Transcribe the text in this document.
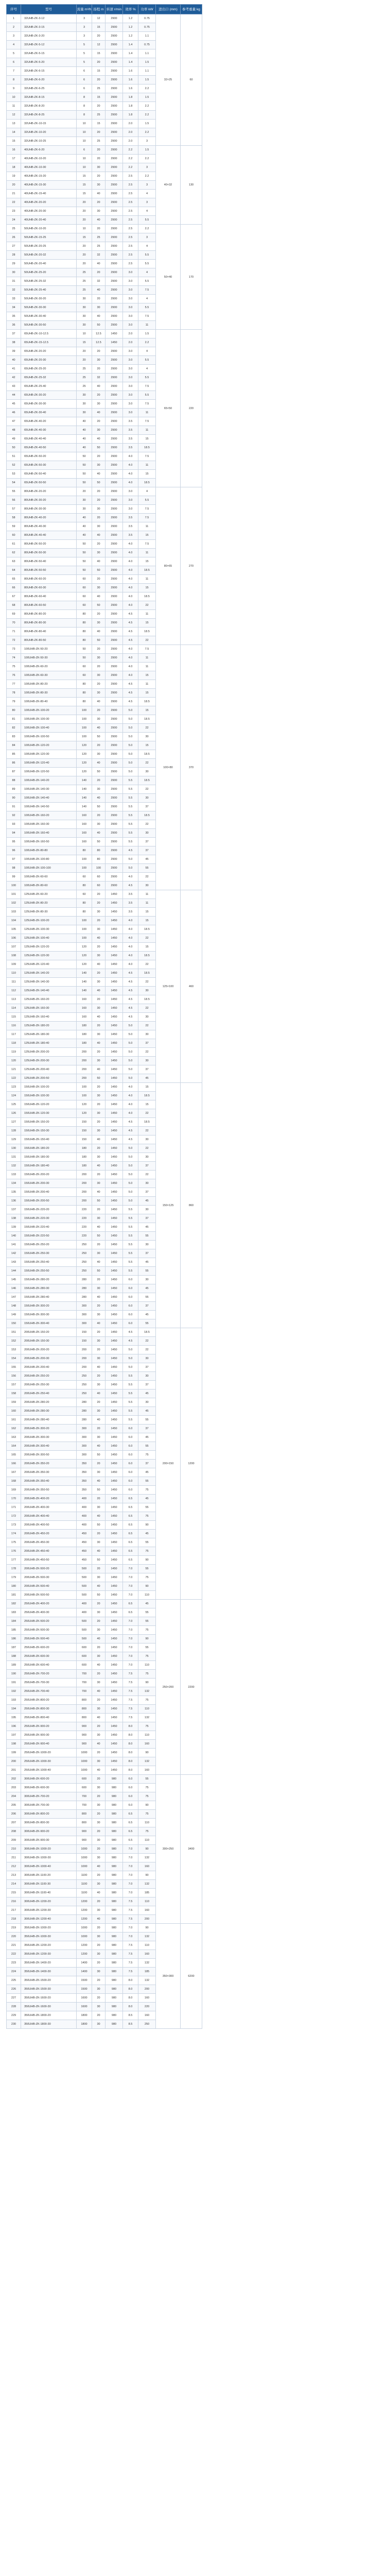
序号	型号	流量 m³/h	扬程 m	转速 r/min	效率 %	功率 kW	进出口 (mm)	参考重量 kg
1	32UHB-ZK-3-12	3	12	2900	1.2	0.75	32×25	60
2	32UHB-ZK-3-15	3	15	2900	1.2	0.75		
3	32UHB-ZK-3-20	3	20	2900	1.2	1.1		
4	32UHB-ZK-5-12	5	12	2900	1.4	0.75		
5	32UHB-ZK-5-15	5	15	2900	1.4	1.1		
6	32UHB-ZK-5-20	5	20	2900	1.4	1.5		
7	32UHB-ZK-6-15	6	15	2900	1.6	1.1		
8	32UHB-ZK-6-20	6	20	2900	1.6	1.5		
9	32UHB-ZK-6-25	6	25	2900	1.6	2.2		
10	32UHB-ZK-8-15	8	15	2900	1.8	1.5		
11	32UHB-ZK-8-20	8	20	2900	1.8	2.2		
12	32UHB-ZK-8-25	8	25	2900	1.8	2.2		
13	32UHB-ZK-10-15	10	15	2900	2.0	1.5		
14	32UHB-ZK-10-20	10	20	2900	2.0	2.2		
15	32UHB-ZK-10-25	10	25	2900	2.0	3		
16	40UHB-ZK-6-20	6	20	2900	2.2	1.5	40×32	130
17	40UHB-ZK-10-20	10	20	2900	2.2	2.2		
18	40UHB-ZK-10-30	10	30	2900	2.2	3		
19	40UHB-ZK-15-20	15	20	2900	2.5	2.2		
20	40UHB-ZK-15-30	15	30	2900	2.5	3		
21	40UHB-ZK-15-40	15	40	2900	2.5	4		
22	40UHB-ZK-20-20	20	20	2900	2.5	3		
23	40UHB-ZK-20-30	20	30	2900	2.5	4		
24	40UHB-ZK-20-40	20	40	2900	2.5	5.5		
25	50UHB-ZK-10-20	10	20	2900	2.5	2.2	50×40	170
26	50UHB-ZK-15-25	15	25	2900	2.5	3		
27	50UHB-ZK-20-25	20	25	2900	2.5	4		
28	50UHB-ZK-20-32	20	32	2900	2.5	5.5		
29	50UHB-ZK-20-40	20	40	2900	2.5	5.5		
30	50UHB-ZK-25-20	25	20	2900	3.0	4		
31	50UHB-ZK-25-32	25	32	2900	3.0	5.5		
32	50UHB-ZK-25-40	25	40	2900	3.0	7.5		
33	50UHB-ZK-30-20	30	20	2900	3.0	4		
34	50UHB-ZK-30-30	30	30	2900	3.0	5.5		
35	50UHB-ZK-30-40	30	40	2900	3.0	7.5		
36	50UHB-ZK-30-50	30	50	2900	3.0	11		
37	65UHB-ZK-10-12.5	10	12.5	1450	2.0	1.5	65×50	220
38	65UHB-ZK-15-12.5	15	12.5	1450	2.0	2.2		
39	65UHB-ZK-20-20	20	20	2900	3.0	4		
40	65UHB-ZK-20-30	20	30	2900	3.0	5.5		
41	65UHB-ZK-25-20	25	20	2900	3.0	4		
42	65UHB-ZK-25-32	25	32	2900	3.0	5.5		
43	65UHB-ZK-25-40	25	40	2900	3.0	7.5		
44	65UHB-ZK-30-20	30	20	2900	3.0	5.5		
45	65UHB-ZK-30-30	30	30	2900	3.0	7.5		
46	65UHB-ZK-30-40	30	40	2900	3.0	11		
47	65UHB-ZK-40-20	40	20	2900	3.5	7.5		
48	65UHB-ZK-40-30	40	30	2900	3.5	11		
49	65UHB-ZK-40-40	40	40	2900	3.5	15		
50	65UHB-ZK-40-50	40	50	2900	3.5	18.5		
51	65UHB-ZK-50-20	50	20	2900	4.0	7.5		
52	65UHB-ZK-50-30	50	30	2900	4.0	11		
53	65UHB-ZK-50-40	50	40	2900	4.0	15		
54	65UHB-ZK-50-50	50	50	2900	4.0	18.5		
55	80UHB-ZK-20-20	20	20	2900	3.0	4	80×65	270
56	80UHB-ZK-30-20	30	20	2900	3.0	5.5		
57	80UHB-ZK-30-30	30	30	2900	3.0	7.5		
58	80UHB-ZK-40-20	40	20	2900	3.5	7.5		
59	80UHB-ZK-40-30	40	30	2900	3.5	11		
60	80UHB-ZK-40-40	40	40	2900	3.5	15		
61	80UHB-ZK-50-20	50	20	2900	4.0	7.5		
62	80UHB-ZK-50-30	50	30	2900	4.0	11		
63	80UHB-ZK-50-40	50	40	2900	4.0	15		
64	80UHB-ZK-50-50	50	50	2900	4.0	18.5		
65	80UHB-ZK-60-20	60	20	2900	4.0	11		
66	80UHB-ZK-60-30	60	30	2900	4.0	15		
67	80UHB-ZK-60-40	60	40	2900	4.0	18.5		
68	80UHB-ZK-60-50	60	50	2900	4.0	22		
69	80UHB-ZK-80-20	80	20	2900	4.5	11		
70	80UHB-ZK-80-30	80	30	2900	4.5	15		
71	80UHB-ZK-80-40	80	40	2900	4.5	18.5		
72	80UHB-ZK-80-50	80	50	2900	4.5	22		
73	100UHB-ZK-50-20	50	20	2900	4.0	7.5	100×80	370
74	100UHB-ZK-50-30	50	30	2900	4.0	11		
75	100UHB-ZK-60-20	60	20	2900	4.0	11		
76	100UHB-ZK-60-30	60	30	2900	4.0	15		
77	100UHB-ZK-80-20	80	20	2900	4.5	11		
78	100UHB-ZK-80-30	80	30	2900	4.5	15		
79	100UHB-ZK-80-40	80	40	2900	4.5	18.5		
80	100UHB-ZK-100-20	100	20	2900	5.0	15		
81	100UHB-ZK-100-30	100	30	2900	5.0	18.5		
82	100UHB-ZK-100-40	100	40	2900	5.0	22		
83	100UHB-ZK-100-50	100	50	2900	5.0	30		
84	100UHB-ZK-120-20	120	20	2900	5.0	15		
85	100UHB-ZK-120-30	120	30	2900	5.0	18.5		
86	100UHB-ZK-120-40	120	40	2900	5.0	22		
87	100UHB-ZK-120-50	120	50	2900	5.0	30		
88	100UHB-ZK-140-20	140	20	2900	5.5	18.5		
89	100UHB-ZK-140-30	140	30	2900	5.5	22		
90	100UHB-ZK-140-40	140	40	2900	5.5	30		
91	100UHB-ZK-140-50	140	50	2900	5.5	37		
92	100UHB-ZK-160-20	160	20	2900	5.5	18.5		
93	100UHB-ZK-160-30	160	30	2900	5.5	22		
94	100UHB-ZK-160-40	160	40	2900	5.5	30		
95	100UHB-ZK-160-50	160	50	2900	5.5	37		
96	100UHB-ZK-80-80	80	80	2900	4.5	37		
97	100UHB-ZK-100-80	100	80	2900	5.0	45		
98	100UHB-ZK-100-100	100	100	2900	5.0	55		
99	100UHB-ZK-60-60	60	60	2900	4.0	22		
100	100UHB-ZK-80-60	80	60	2900	4.5	30		
101	125UHB-ZK-60-20	60	20	1450	3.5	11	125×100	460
102	125UHB-ZK-80-20	80	20	1450	3.5	11		
103	125UHB-ZK-80-30	80	30	1450	3.5	15		
104	125UHB-ZK-100-20	100	20	1450	4.0	15		
105	125UHB-ZK-100-30	100	30	1450	4.0	18.5		
106	125UHB-ZK-100-40	100	40	1450	4.0	22		
107	125UHB-ZK-120-20	120	20	1450	4.0	15		
108	125UHB-ZK-120-30	120	30	1450	4.0	18.5		
109	125UHB-ZK-120-40	120	40	1450	4.0	22		
110	125UHB-ZK-140-20	140	20	1450	4.5	18.5		
111	125UHB-ZK-140-30	140	30	1450	4.5	22		
112	125UHB-ZK-140-40	140	40	1450	4.5	30		
113	125UHB-ZK-160-20	160	20	1450	4.5	18.5		
114	125UHB-ZK-160-30	160	30	1450	4.5	22		
115	125UHB-ZK-160-40	160	40	1450	4.5	30		
116	125UHB-ZK-180-20	180	20	1450	5.0	22		
117	125UHB-ZK-180-30	180	30	1450	5.0	30		
118	125UHB-ZK-180-40	180	40	1450	5.0	37		
119	125UHB-ZK-200-20	200	20	1450	5.0	22		
120	125UHB-ZK-200-30	200	30	1450	5.0	30		
121	125UHB-ZK-200-40	200	40	1450	5.0	37		
122	125UHB-ZK-200-50	200	50	1450	5.0	45		
123	150UHB-ZK-100-20	100	20	1450	4.0	15	150×125	860
124	150UHB-ZK-100-30	100	30	1450	4.0	18.5		
125	150UHB-ZK-120-20	120	20	1450	4.0	15		
126	150UHB-ZK-120-30	120	30	1450	4.0	22		
127	150UHB-ZK-150-20	150	20	1450	4.5	18.5		
128	150UHB-ZK-150-30	150	30	1450	4.5	22		
129	150UHB-ZK-150-40	150	40	1450	4.5	30		
130	150UHB-ZK-180-20	180	20	1450	5.0	22		
131	150UHB-ZK-180-30	180	30	1450	5.0	30		
132	150UHB-ZK-180-40	180	40	1450	5.0	37		
133	150UHB-ZK-200-20	200	20	1450	5.0	22		
134	150UHB-ZK-200-30	200	30	1450	5.0	30		
135	150UHB-ZK-200-40	200	40	1450	5.0	37		
136	150UHB-ZK-200-50	200	50	1450	5.0	45		
137	150UHB-ZK-220-20	220	20	1450	5.5	30		
138	150UHB-ZK-220-30	220	30	1450	5.5	37		
139	150UHB-ZK-220-40	220	40	1450	5.5	45		
140	150UHB-ZK-220-50	220	50	1450	5.5	55		
141	150UHB-ZK-250-20	250	20	1450	5.5	30		
142	150UHB-ZK-250-30	250	30	1450	5.5	37		
143	150UHB-ZK-250-40	250	40	1450	5.5	45		
144	150UHB-ZK-250-50	250	50	1450	5.5	55		
145	150UHB-ZK-280-20	280	20	1450	6.0	30		
146	150UHB-ZK-280-30	280	30	1450	6.0	45		
147	150UHB-ZK-280-40	280	40	1450	6.0	55		
148	150UHB-ZK-300-20	300	20	1450	6.0	37		
149	150UHB-ZK-300-30	300	30	1450	6.0	45		
150	150UHB-ZK-300-40	300	40	1450	6.0	55		
151	200UHB-ZK-150-20	150	20	1450	4.5	18.5	200×150	1200
152	200UHB-ZK-150-30	150	30	1450	4.5	22		
153	200UHB-ZK-200-20	200	20	1450	5.0	22		
154	200UHB-ZK-200-30	200	30	1450	5.0	30		
155	200UHB-ZK-200-40	200	40	1450	5.0	37		
156	200UHB-ZK-250-20	250	20	1450	5.5	30		
157	200UHB-ZK-250-30	250	30	1450	5.5	37		
158	200UHB-ZK-250-40	250	40	1450	5.5	45		
159	200UHB-ZK-280-20	280	20	1450	5.5	30		
160	200UHB-ZK-280-30	280	30	1450	5.5	45		
161	200UHB-ZK-280-40	280	40	1450	5.5	55		
162	200UHB-ZK-300-20	300	20	1450	6.0	37		
163	200UHB-ZK-300-30	300	30	1450	6.0	45		
164	200UHB-ZK-300-40	300	40	1450	6.0	55		
165	200UHB-ZK-300-50	300	50	1450	6.0	75		
166	200UHB-ZK-350-20	350	20	1450	6.0	37		
167	200UHB-ZK-350-30	350	30	1450	6.0	45		
168	200UHB-ZK-350-40	350	40	1450	6.0	55		
169	200UHB-ZK-350-50	350	50	1450	6.0	75		
170	200UHB-ZK-400-20	400	20	1450	6.5	45		
171	200UHB-ZK-400-30	400	30	1450	6.5	55		
172	200UHB-ZK-400-40	400	40	1450	6.5	75		
173	200UHB-ZK-400-50	400	50	1450	6.5	90		
174	200UHB-ZK-450-20	450	20	1450	6.5	45		
175	200UHB-ZK-450-30	450	30	1450	6.5	55		
176	200UHB-ZK-450-40	450	40	1450	6.5	75		
177	200UHB-ZK-450-50	450	50	1450	6.5	90		
178	200UHB-ZK-500-20	500	20	1450	7.0	55		
179	200UHB-ZK-500-30	500	30	1450	7.0	75		
180	200UHB-ZK-500-40	500	40	1450	7.0	90		
181	200UHB-ZK-500-50	500	50	1450	7.0	110		
182	250UHB-ZK-400-20	400	20	1450	6.5	45	250×200	2200
183	250UHB-ZK-400-30	400	30	1450	6.5	55		
184	250UHB-ZK-500-20	500	20	1450	7.0	55		
185	250UHB-ZK-500-30	500	30	1450	7.0	75		
186	250UHB-ZK-500-40	500	40	1450	7.0	90		
187	250UHB-ZK-600-20	600	20	1450	7.0	55		
188	250UHB-ZK-600-30	600	30	1450	7.0	75		
189	250UHB-ZK-600-40	600	40	1450	7.0	110		
190	250UHB-ZK-700-20	700	20	1450	7.5	75		
191	250UHB-ZK-700-30	700	30	1450	7.5	90		
192	250UHB-ZK-700-40	700	40	1450	7.5	132		
193	250UHB-ZK-800-20	800	20	1450	7.5	75		
194	250UHB-ZK-800-30	800	30	1450	7.5	110		
195	250UHB-ZK-800-40	800	40	1450	7.5	132		
196	250UHB-ZK-900-20	900	20	1450	8.0	75		
197	250UHB-ZK-900-30	900	30	1450	8.0	110		
198	250UHB-ZK-900-40	900	40	1450	8.0	160		
199	250UHB-ZK-1000-20	1000	20	1450	8.0	90		
200	250UHB-ZK-1000-30	1000	30	1450	8.0	132		
201	250UHB-ZK-1000-40	1000	40	1450	8.0	160		
202	300UHB-ZK-600-20	600	20	980	6.0	55	300×250	3400
203	300UHB-ZK-600-30	600	30	980	6.0	75		
204	300UHB-ZK-700-20	700	20	980	6.0	75		
205	300UHB-ZK-700-30	700	30	980	6.0	90		
206	300UHB-ZK-800-20	800	20	980	6.5	75		
207	300UHB-ZK-800-30	800	30	980	6.5	110		
208	300UHB-ZK-900-20	900	20	980	6.5	75		
209	300UHB-ZK-900-30	900	30	980	6.5	110		
210	300UHB-ZK-1000-20	1000	20	980	7.0	90		
211	300UHB-ZK-1000-30	1000	30	980	7.0	132		
212	300UHB-ZK-1000-40	1000	40	980	7.0	160		
213	300UHB-ZK-1100-20	1100	20	980	7.0	90		
214	300UHB-ZK-1100-30	1100	30	980	7.0	132		
215	300UHB-ZK-1100-40	1100	40	980	7.0	185		
216	300UHB-ZK-1200-20	1200	20	980	7.5	110		
217	300UHB-ZK-1200-30	1200	30	980	7.5	160		
218	300UHB-ZK-1200-40	1200	40	980	7.5	200		
219	350UHB-ZK-1000-20	1000	20	980	7.0	90	350×300	6200
220	350UHB-ZK-1000-30	1000	30	980	7.0	132		
221	350UHB-ZK-1200-20	1200	20	980	7.5	110		
222	350UHB-ZK-1200-30	1200	30	980	7.5	160		
223	350UHB-ZK-1400-20	1400	20	980	7.5	132		
224	350UHB-ZK-1400-30	1400	30	980	7.5	185		
225	350UHB-ZK-1500-20	1500	20	980	8.0	132		
226	350UHB-ZK-1500-30	1500	30	980	8.0	200		
227	350UHB-ZK-1600-20	1600	20	980	8.0	160		
228	350UHB-ZK-1600-30	1600	30	980	8.0	220		
229	350UHB-ZK-1800-20	1800	20	980	8.5	160		
230	350UHB-ZK-1800-30	1800	30	980	8.5	250		
